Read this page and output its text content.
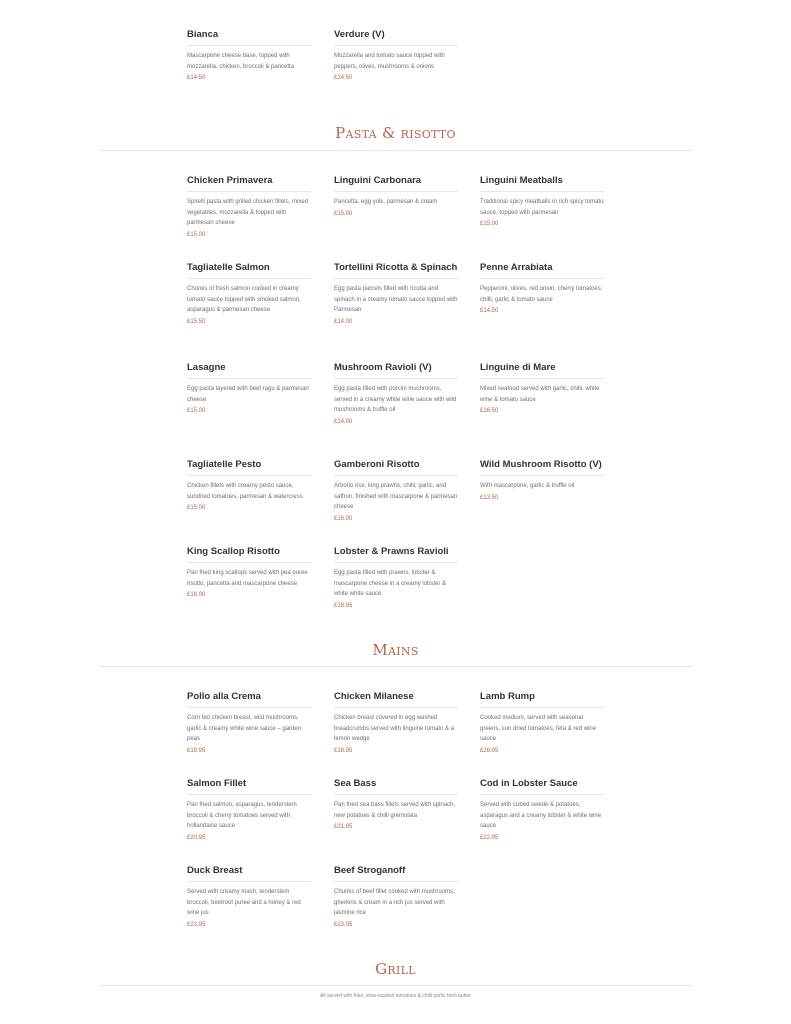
Bianca
Mascarpone cheese base, topped with mozzarella, chicken, broccoli & pancetta
£14.50
Verdure (V)
Mozzarella and tomato sauce topped with peppers, olives, mushrooms & onions
£14.50
Pasta & risotto
Chicken Primavera
Spirelli pasta with grilled chicken fillets, mixed vegetables, mozzarella & topped with parmesan cheese
£15.00
Linguini Carbonara
Pancetta, egg yolk, parmesan & cream
£15.00
Linguini Meatballs
Traditional spicy meatballs in rich spicy tomato sauce, topped with parmesan
£15.00
Tagliatelle Salmon
Chunks of fresh salmon cooked in creamy tomato sauce topped with smoked salmon, asparagus & parmesan cheese
£15.50
Tortellini Ricotta & Spinach
Egg pasta parcels filled with ricotta and spinach in a creamy tomato sauce topped with Parmesan
£14.00
Penne Arrabiata
Pepperoni, olives, red onion, cherry tomatoes, chilli, garlic & tomato sauce
£14.50
Lasagne
Egg pasta layered with beef ragu & parmesan cheese
£15.00
Mushroom Ravioli (V)
Egg pasta filled with porcini mushrooms, served in a creamy white wine sauce with wild mushrooms & truffle oil
£14.00
Linguine di Mare
Mixed seafood served with garlic, chilli, white wine & tomato sauce
£16.50
Tagliatelle Pesto
Chicken fillets with creamy pesto sauce, sundried tomatoes, parmesan & watercress
£15.00
Gamberoni Risotto
Arborio rice, king prawns, chilli, garlic, and saffron, finished with mascarpone & parmesan cheese
£16.00
Wild Mushroom Risotto (V)
With mascarpone, garlic & truffle oil
£13.50
King Scallop Risotto
Pan fried king scallops served with pea puree risotto, pancetta and mascarpone cheese
£18.00
Lobster & Prawns Ravioli
Egg pasta filled with prawns, lobster & mascarpone cheese in a creamy lobster & white white sauce
£18.95
Mains
Pollo alla Crema
Corn fed chicken breast, wild mushrooms, garlic & creamy white wine sauce – garden peas
£19.95
Chicken Milanese
Chicken breast covered in egg washed breadcrumbs served with linguine tomato & a lemon wedge
£18.95
Lamb Rump
Cooked medium, served with seasonal greens, sun dried tomatoes, feta & red wine sauce
£26.95
Salmon Fillet
Pan fried salmon, asparagus, tenderstem broccoli & cherry tomatoes served with hollandaise sauce
£20.95
Sea Bass
Pan fried sea bass fillets served with spinach, new potatoes & chilli gremolata
£21.95
Cod in Lobster Sauce
Served with cubed swede & potatoes, asparagus and a creamy lobster & white wine sauce
£22.95
Duck Breast
Served with creamy mash, tenderstem broccoli, beetroot puree and a honey & red wine jus
£23.95
Beef Stroganoff
Chunks of beef fillet cooked with mushrooms, gherkins & cream in a rich jus served with jasmine rice
£23.95
Grill
All served with fries, slow-roasted tomatoes & chilli garlic herb butter
